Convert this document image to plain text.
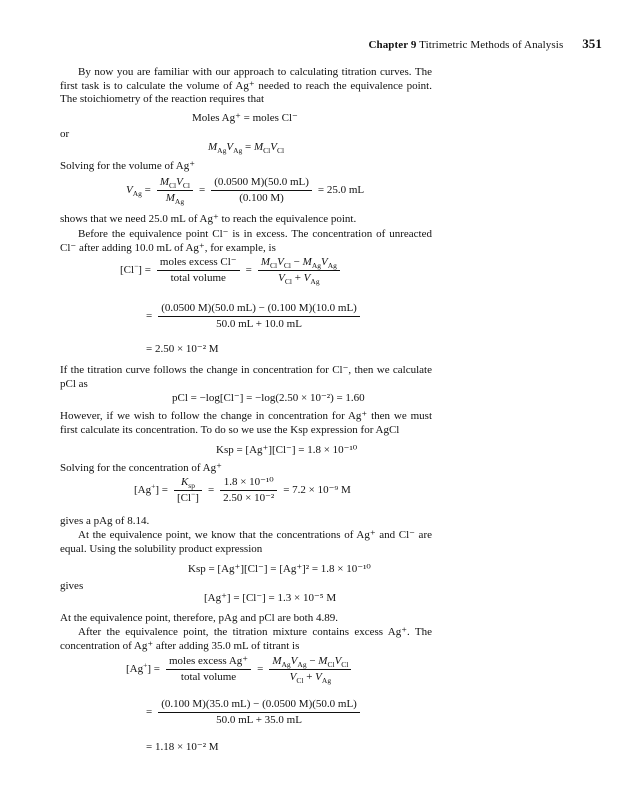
Chapter 9 Titrimetric Methods of Analysis 351
By now you are familiar with our approach to calculating titration curves. The first task is to calculate the volume of Ag⁺ needed to reach the equivalence point. The stoichiometry of the reaction requires that
Moles Ag⁺ = moles Cl⁻
or
$M_{Ag}V_{Ag} = M_{Cl}V_{Cl}$
Solving for the volume of Ag⁺
$V_{Ag} = \frac{M_{Cl}V_{Cl}}{M_{Ag}} = \frac{(0.0500 M)(50.0 mL)}{(0.100 M)} = 25.0$ mL
shows that we need 25.0 mL of Ag⁺ to reach the equivalence point.
Before the equivalence point Cl⁻ is in excess. The concentration of unreacted Cl⁻ after adding 10.0 mL of Ag⁺, for example, is
$[Cl^-] = \frac{\text{moles excess Cl⁻}}{\text{total volume}} = \frac{M_{Cl}V_{Cl} - M_{Ag}V_{Ag}}{V_{Cl} + V_{Ag}}$
= $\frac{(0.0500 M)(50.0 mL) - (0.100 M)(10.0 mL)}{50.0 mL + 10.0 mL}$
= 2.50 × 10⁻² M
If the titration curve follows the change in concentration for Cl⁻, then we calculate pCl as
pCl = −log[Cl⁻] = −log(2.50 × 10⁻²) = 1.60
However, if we wish to follow the change in concentration for Ag⁺ then we must first calculate its concentration. To do so we use the Ksp expression for AgCl
Ksp = [Ag⁺][Cl⁻] = 1.8 × 10⁻¹⁰
Solving for the concentration of Ag⁺
$[Ag^+] = \frac{K_{sp}}{[Cl^-]} = \frac{\text{1.8 × 10⁻¹⁰}}{\text{2.50 × 10⁻²}} = 7.2 \times 10^{-9}$ M
gives a pAg of 8.14.
At the equivalence point, we know that the concentrations of Ag⁺ and Cl⁻ are equal. Using the solubility product expression
Ksp = [Ag⁺][Cl⁻] = [Ag⁺]² = 1.8 × 10⁻¹⁰
gives
[Ag⁺] = [Cl⁻] = 1.3 × 10⁻⁵ M
At the equivalence point, therefore, pAg and pCl are both 4.89.
After the equivalence point, the titration mixture contains excess Ag⁺. The concentration of Ag⁺ after adding 35.0 mL of titrant is
$[Ag^+] = \frac{\text{moles excess Ag⁺}}{\text{total volume}} = \frac{M_{Ag}V_{Ag} - M_{Cl}V_{Cl}}{V_{Cl} + V_{Ag}}$
= $\frac{(0.100 M)(35.0 mL) - (0.0500 M)(50.0 mL)}{50.0 mL + 35.0 mL}$
= 1.18 × 10⁻² M
